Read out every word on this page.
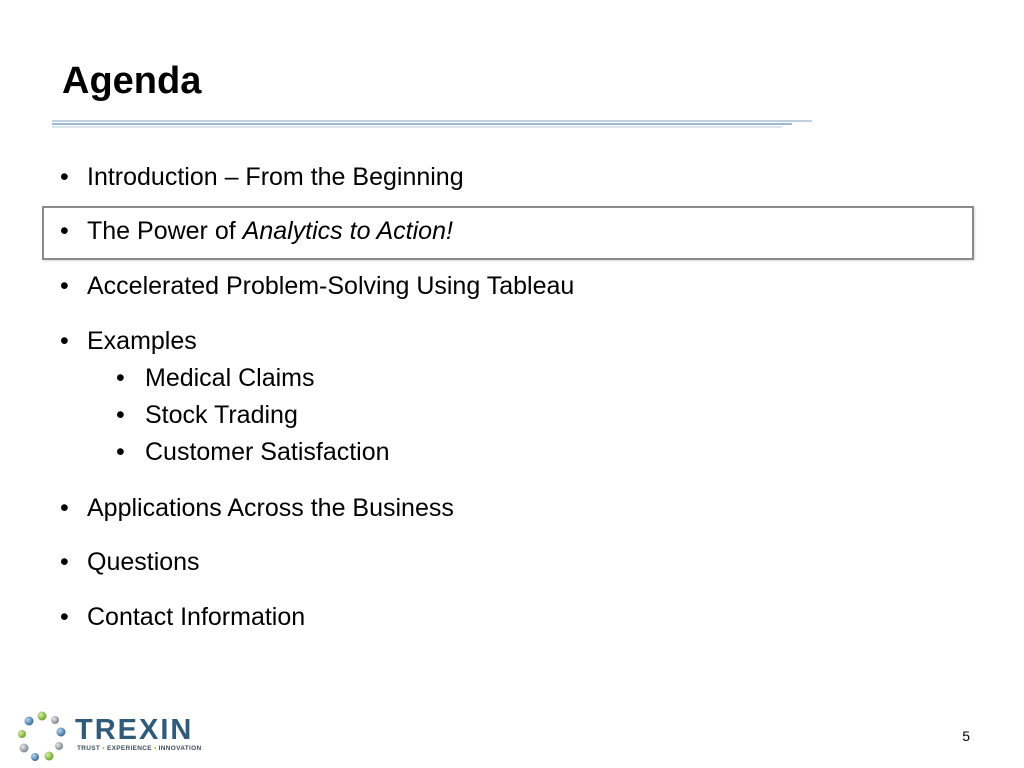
Agenda
• Introduction – From the Beginning
• The Power of Analytics to Action!
• Accelerated Problem-Solving Using Tableau
• Examples
• Medical Claims
• Stock Trading
• Customer Satisfaction
• Applications Across the Business
• Questions
• Contact Information
TREXIN
TRUST • EXPERIENCE • INNOVATION
5
